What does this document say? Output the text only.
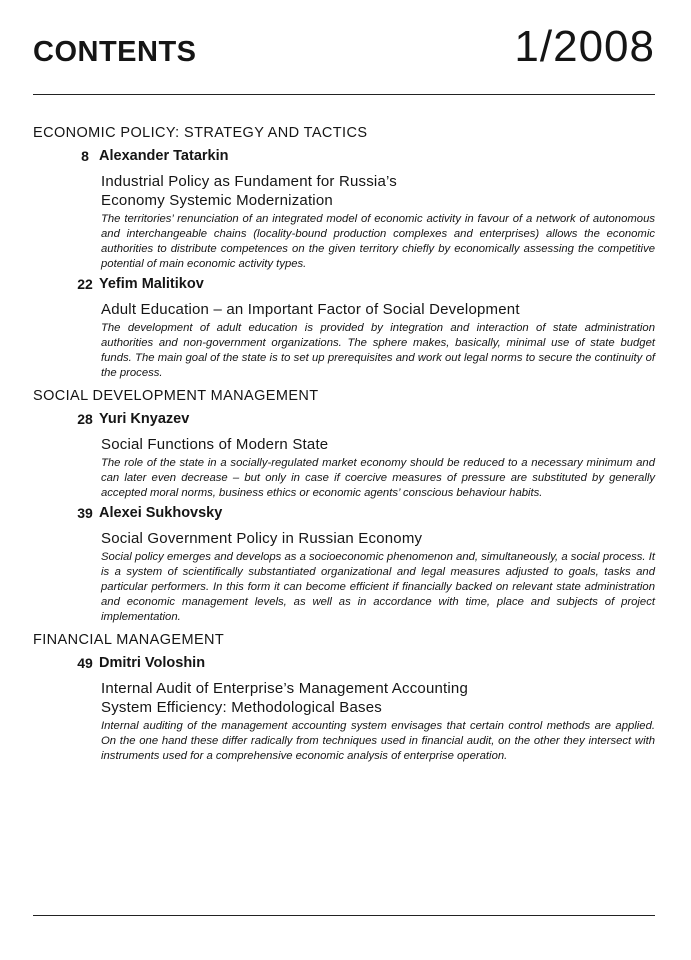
CONTENTS	1/2008
ECONOMIC POLICY: STRATEGY AND TACTICS
8 Alexander Tatarkin
Industrial Policy as Fundament for Russia’s Economy Systemic Modernization
The territories’ renunciation of an integrated model of economic activity in favour of a network of autonomous and interchangeable chains (locality-bound production complexes and enterprises) allows the economic authorities to distribute competences on the given territory chiefly by economically assessing the competitive potential of main economic activity types.
22 Yefim Malitikov
Adult Education – an Important Factor of Social Development
The development of adult education is provided by integration and interaction of state administration authorities and non-government organizations. The sphere makes, basically, minimal use of state budget funds. The main goal of the state is to set up prerequisites and work out legal norms to secure the continuity of the process.
SOCIAL DEVELOPMENT MANAGEMENT
28 Yuri Knyazev
Social Functions of Modern State
The role of the state in a socially-regulated market economy should be reduced to a necessary minimum and can later even decrease – but only in case if coercive measures of pressure are substituted by generally accepted moral norms, business ethics or economic agents’ conscious behaviour habits.
39 Alexei Sukhovsky
Social Government Policy in Russian Economy
Social policy emerges and develops as a socioeconomic phenomenon and, simultaneously, a social process. It is a system of scientifically substantiated organizational and legal measures adjusted to goals, tasks and particular performers. In this form it can become efficient if financially backed on relevant state administration and economic management levels, as well as in accordance with time, place and subjects of project implementation.
FINANCIAL MANAGEMENT
49 Dmitri Voloshin
Internal Audit of Enterprise’s Management Accounting System Efficiency: Methodological Bases
Internal auditing of the management accounting system envisages that certain control methods are applied. On the one hand these differ radically from techniques used in financial audit, on the other they intersect with instruments used for a comprehensive economic analysis of enterprise operation.
